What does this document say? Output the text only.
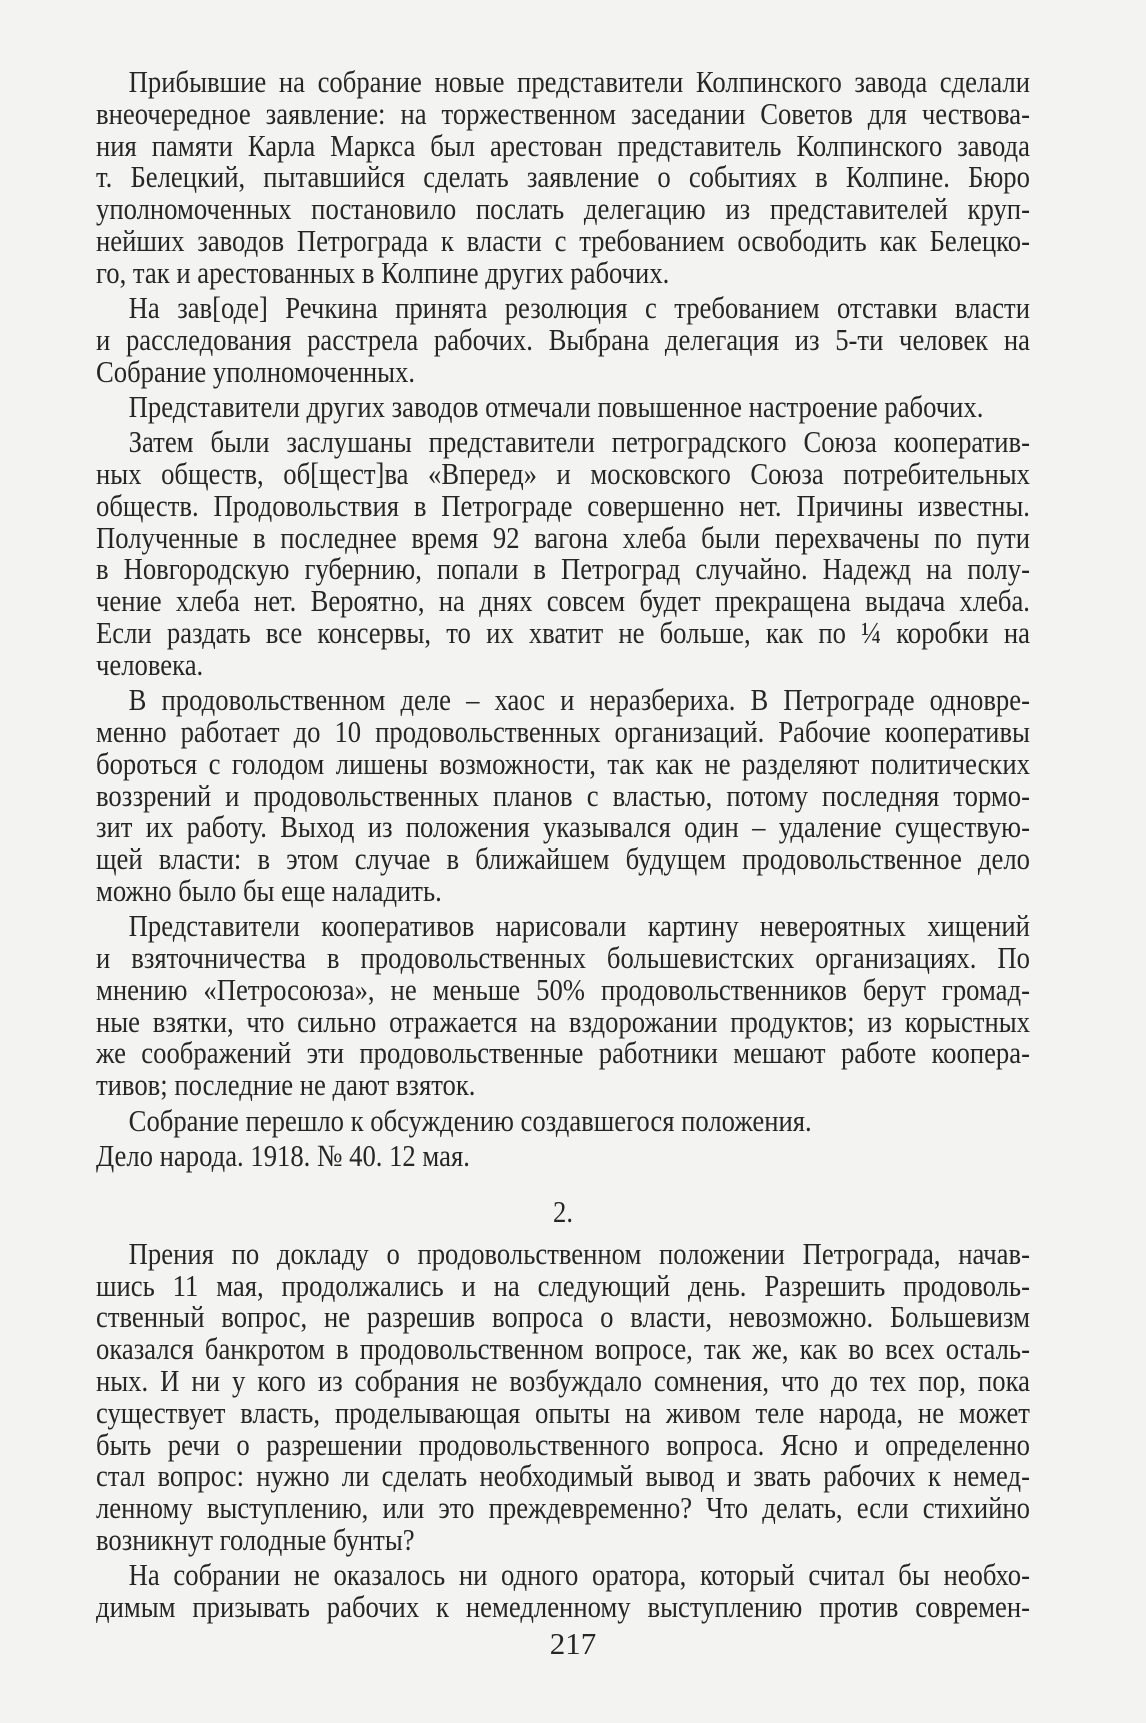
Прибывшие на собрание новые представители Колпинского завода сделали
внеочередное заявление: на торжественном заседании Советов для чествова-
ния памяти Карла Маркса был арестован представитель Колпинского завода
т. Белецкий, пытавшийся сделать заявление о событиях в Колпине. Бюро
уполномоченных постановило послать делегацию из представителей круп-
нейших заводов Петрограда к власти с требованием освободить как Белецко-
го, так и арестованных в Колпине других рабочих.
На зав[оде] Речкина принята резолюция с требованием отставки власти
и расследования расстрела рабочих. Выбрана делегация из 5-ти человек на
Собрание уполномоченных.
Представители других заводов отмечали повышенное настроение рабочих.
Затем были заслушаны представители петроградского Союза кооператив-
ных обществ, об[щест]ва «Вперед» и московского Союза потребительных
обществ. Продовольствия в Петрограде совершенно нет. Причины известны.
Полученные в последнее время 92 вагона хлеба были перехвачены по пути
в Новгородскую губернию, попали в Петроград случайно. Надежд на полу-
чение хлеба нет. Вероятно, на днях совсем будет прекращена выдача хлеба.
Если раздать все консервы, то их хватит не больше, как по ¼ коробки на
человека.
В продовольственном деле – хаос и неразбериха. В Петрограде одновре-
менно работает до 10 продовольственных организаций. Рабочие кооперативы
бороться с голодом лишены возможности, так как не разделяют политических
воззрений и продовольственных планов с властью, потому последняя тормо-
зит их работу. Выход из положения указывался один – удаление существую-
щей власти: в этом случае в ближайшем будущем продовольственное дело
можно было бы еще наладить.
Представители кооперативов нарисовали картину невероятных хищений
и взяточничества в продовольственных большевистских организациях. По
мнению «Петросоюза», не меньше 50% продовольственников берут громад-
ные взятки, что сильно отражается на вздорожании продуктов; из корыстных
же соображений эти продовольственные работники мешают работе коопера-
тивов; последние не дают взяток.
Собрание перешло к обсуждению создавшегося положения.
Дело народа. 1918. № 40. 12 мая.
2.
Прения по докладу о продовольственном положении Петрограда, начав-
шись 11 мая, продолжались и на следующий день. Разрешить продоволь-
ственный вопрос, не разрешив вопроса о власти, невозможно. Большевизм
оказался банкротом в продовольственном вопросе, так же, как во всех осталь-
ных. И ни у кого из собрания не возбуждало сомнения, что до тех пор, пока
существует власть, проделывающая опыты на живом теле народа, не может
быть речи о разрешении продовольственного вопроса. Ясно и определенно
стал вопрос: нужно ли сделать необходимый вывод и звать рабочих к немед-
ленному выступлению, или это преждевременно? Что делать, если стихийно
возникнут голодные бунты?
На собрании не оказалось ни одного оратора, который считал бы необхо-
димым призывать рабочих к немедленному выступлению против современ-
217
